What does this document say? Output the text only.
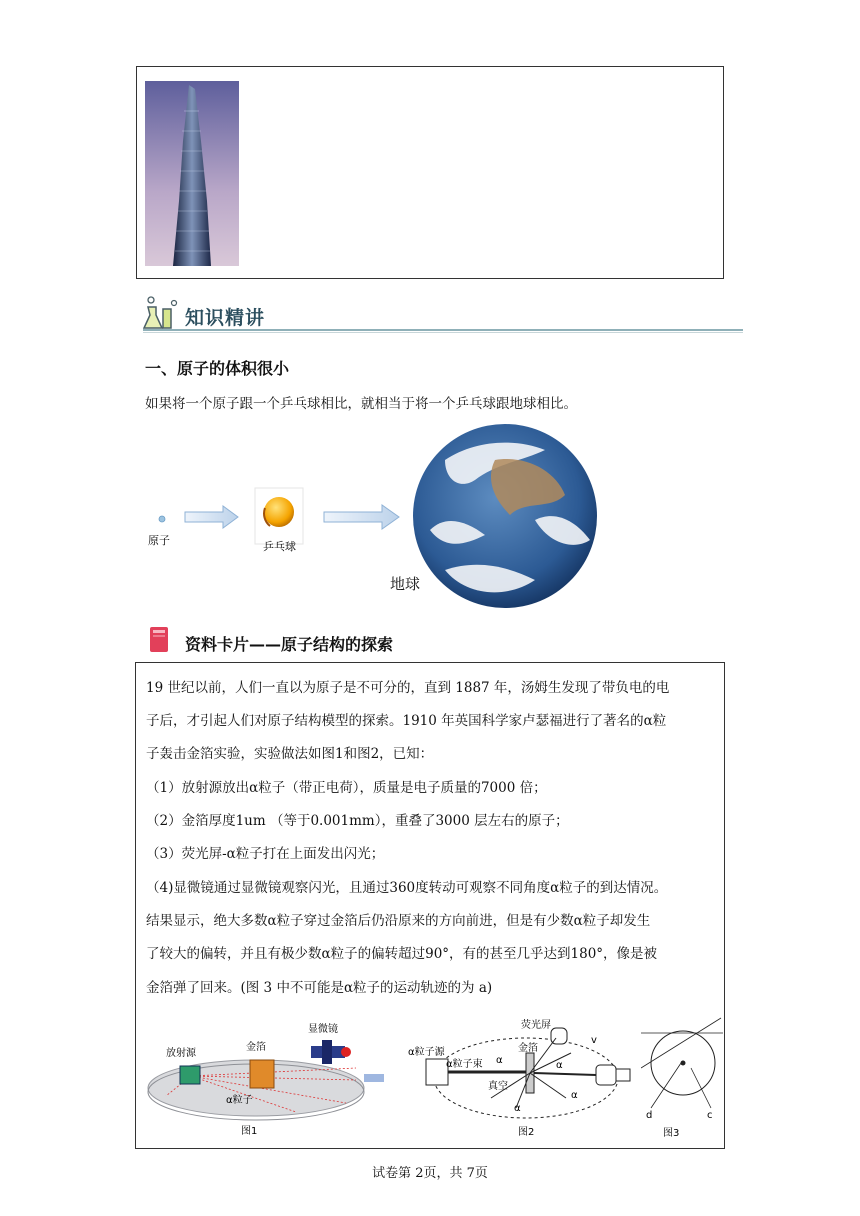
知识精讲
一、原子的体积很小
如果将一个原子跟一个乒乓球相比，就相当于将一个乒乓球跟地球相比。
原子	乒乓球
地球
资料卡片——原子结构的探索
19 世纪以前，人们一直以为原子是不可分的，直到 1887 年，汤姆生发现了带负电的电
子后，才引起人们对原子结构模型的探索。1910 年英国科学家卢瑟福进行了著名的α粒
子轰击金箔实验，实验做法如图1和图2，已知：
（1）放射源放出α粒子（带正电荷），质量是电子质量的7000 倍；
（2）金箔厚度1um （等于0.001mm），重叠了3000 层左右的原子；
（3）荧光屏-α粒子打在上面发出闪光；
（4)显微镜通过显微镜观察闪光，且通过360度转动可观察不同角度α粒子的到达情况。
结果显示，绝大多数α粒子穿过金箔后仍沿原来的方向前进，但是有少数α粒子却发生
了较大的偏转，并且有极少数α粒子的偏转超过90°，有的甚至几乎达到180°，像是被
金箔弹了回来。(图 3 中不可能是α粒子的运动轨迹的为 a)
放射源
金箔
显微镜
α粒子
图1
荧光屏
α粒子源
α粒子束
金箔
真空
α	α
α
α
v
图2
d	c
图3
试卷第 2页，共 7页
